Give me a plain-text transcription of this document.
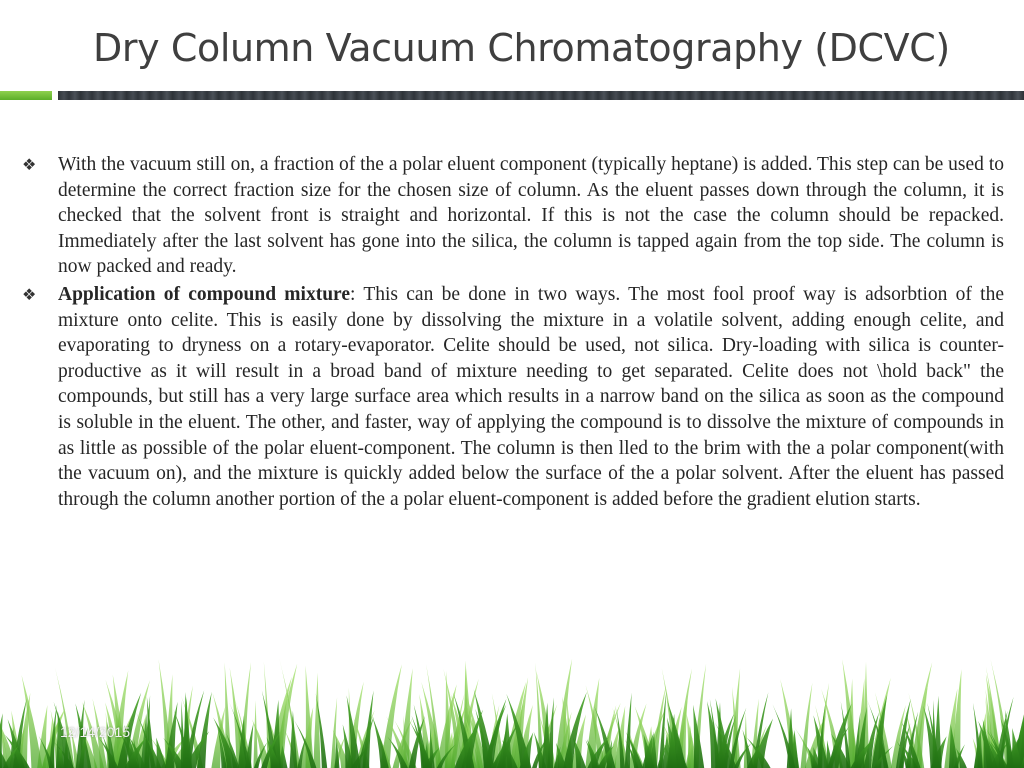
Dry Column Vacuum Chromatography (DCVC)

❖ With the vacuum still on, a fraction of the a polar eluent component (typically heptane) is added. This step can be used to determine the correct fraction size for the chosen size of column. As the eluent passes down through the column, it is checked that the solvent front is straight and horizontal. If this is not the case the column should be repacked. Immediately after the last solvent has gone into the silica, the column is tapped again from the top side. The column is now packed and ready.

❖ Application of compound mixture: This can be done in two ways. The most fool proof way is adsorbtion of the mixture onto celite. This is easily done by dissolving the mixture in a volatile solvent, adding enough celite, and evaporating to dryness on a rotary-evaporator. Celite should be used, not silica. Dry-loading with silica is counter-productive as it will result in a broad band of mixture needing to get separated. Celite does not \hold back" the compounds, but still has a very large surface area which results in a narrow band on the silica as soon as the compound is soluble in the eluent. The other, and faster, way of applying the compound is to dissolve the mixture of compounds in as little as possible of the polar eluent-component. The column is then lled to the brim with the a polar component(with the vacuum on), and the mixture is quickly added below the surface of the a polar solvent. After the eluent has passed through the column another portion of the a polar eluent-component is added before the gradient elution starts.

12/14/2015
